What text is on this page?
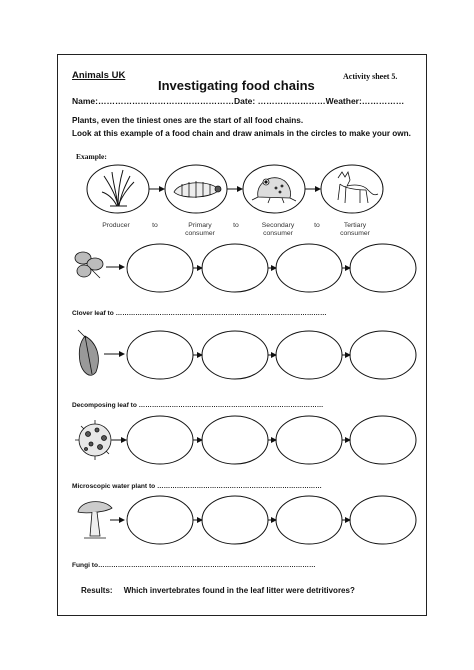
Animals UK
Investigating food chains
Activity sheet 5.
Name:…………………………………………Date: ……………………Weather:……………
Plants, even the tiniest ones are the start of all food chains.
Look at this example of a food chain and draw animals in the circles to make your own.
Example:
Producer	to	Primary consumer
to	Secondary consumer
to	Tertiary consumer
Clover leaf to ……………………………………………………………………………………
Decomposing leaf to …………………………………………………………………………
Microscopic water plant to …………………………………………………………………
Fungi to………………………………………………………………………………………
Results: Which invertebrates found in the leaf litter were detritivores?
